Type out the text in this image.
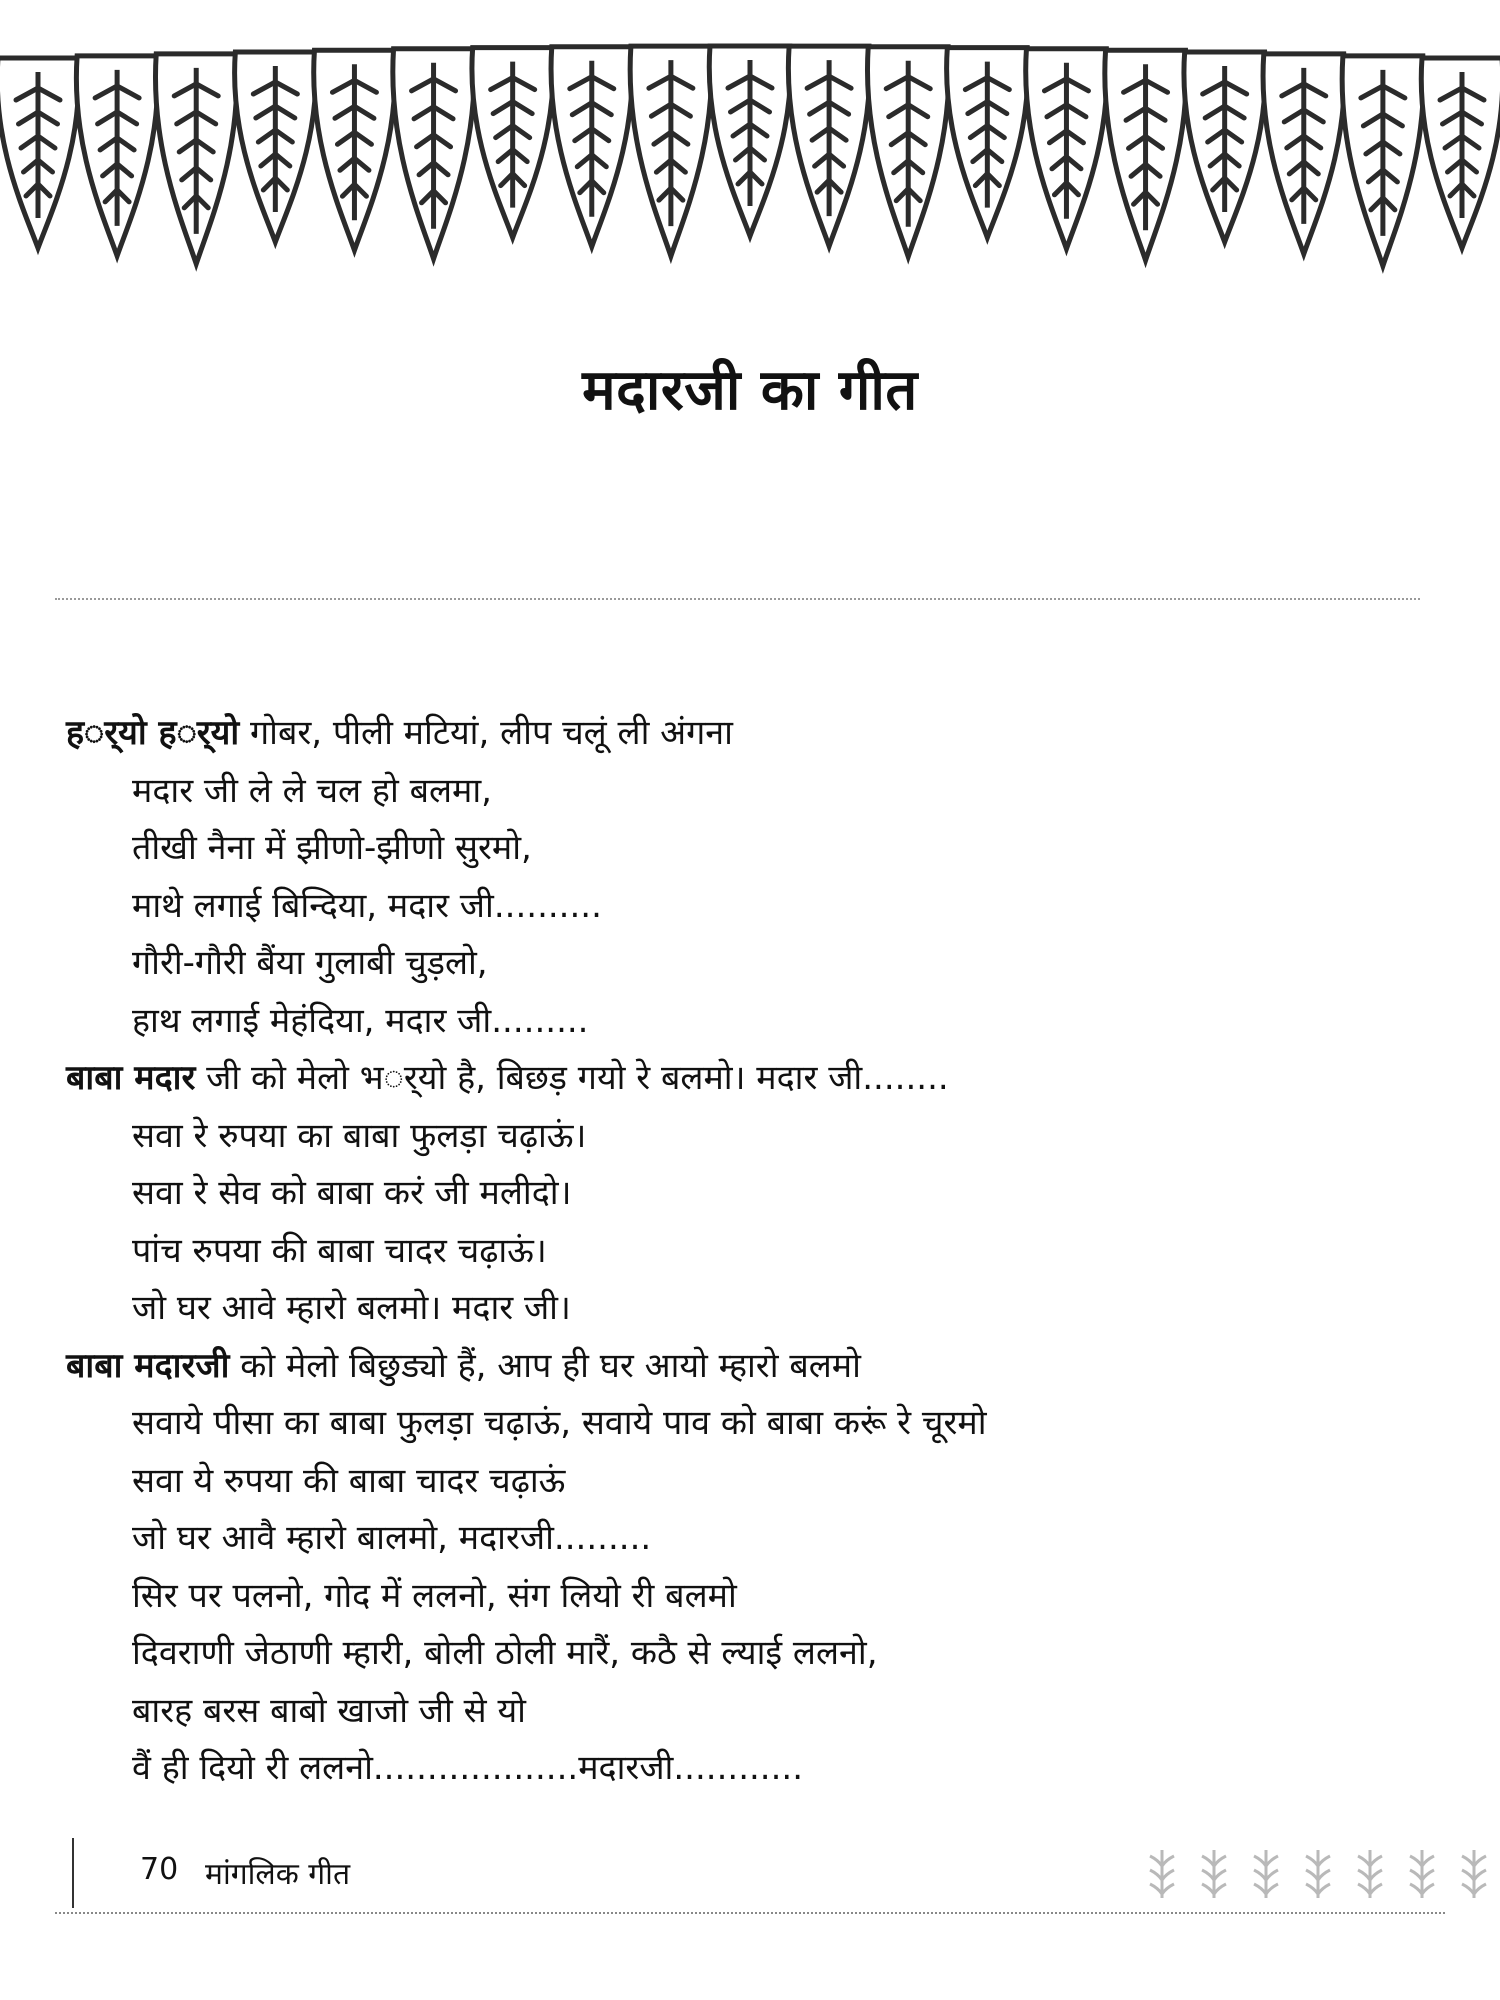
मदारजी का गीत
हर्‌्यो हर्‌्यो गोबर, पीली मटियां, लीप चलूं ली अंगना
मदार जी ले ले चल हो बलमा,
तीखी नैना में झीणो-झीणो सुरमो,
माथे लगाई बिन्दिया, मदार जी..........
गौरी-गौरी बैंया गुलाबी चुड़लो,
हाथ लगाई मेहंदिया, मदार जी.........
बाबा मदार जी को मेलो भर्‌्यो है, बिछड़ गयो रे बलमो। मदार जी........
सवा रे रुपया का बाबा फुलड़ा चढ़ाऊं।
सवा रे सेव को बाबा करं जी मलीदो।
पांच रुपया की बाबा चादर चढ़ाऊं।
जो घर आवे म्हारो बलमो। मदार जी।
बाबा मदारजी को मेलो बिछुड्यो हैं, आप ही घर आयो म्हारो बलमो
सवाये पीसा का बाबा फुलड़ा चढ़ाऊं, सवाये पाव को बाबा करूं रे चूरमो
सवा ये रुपया की बाबा चादर चढ़ाऊं
जो घर आवै म्हारो बालमो, मदारजी.........
सिर पर पलनो, गोद में ललनो, संग लियो री बलमो
दिवराणी जेठाणी म्हारी, बोली ठोली मारैं, कठै से ल्याई ललनो,
बारह बरस बाबो खाजो जी से यो
वैं ही दियो री ललनो...................मदारजी............
70 मांगलिक गीत
